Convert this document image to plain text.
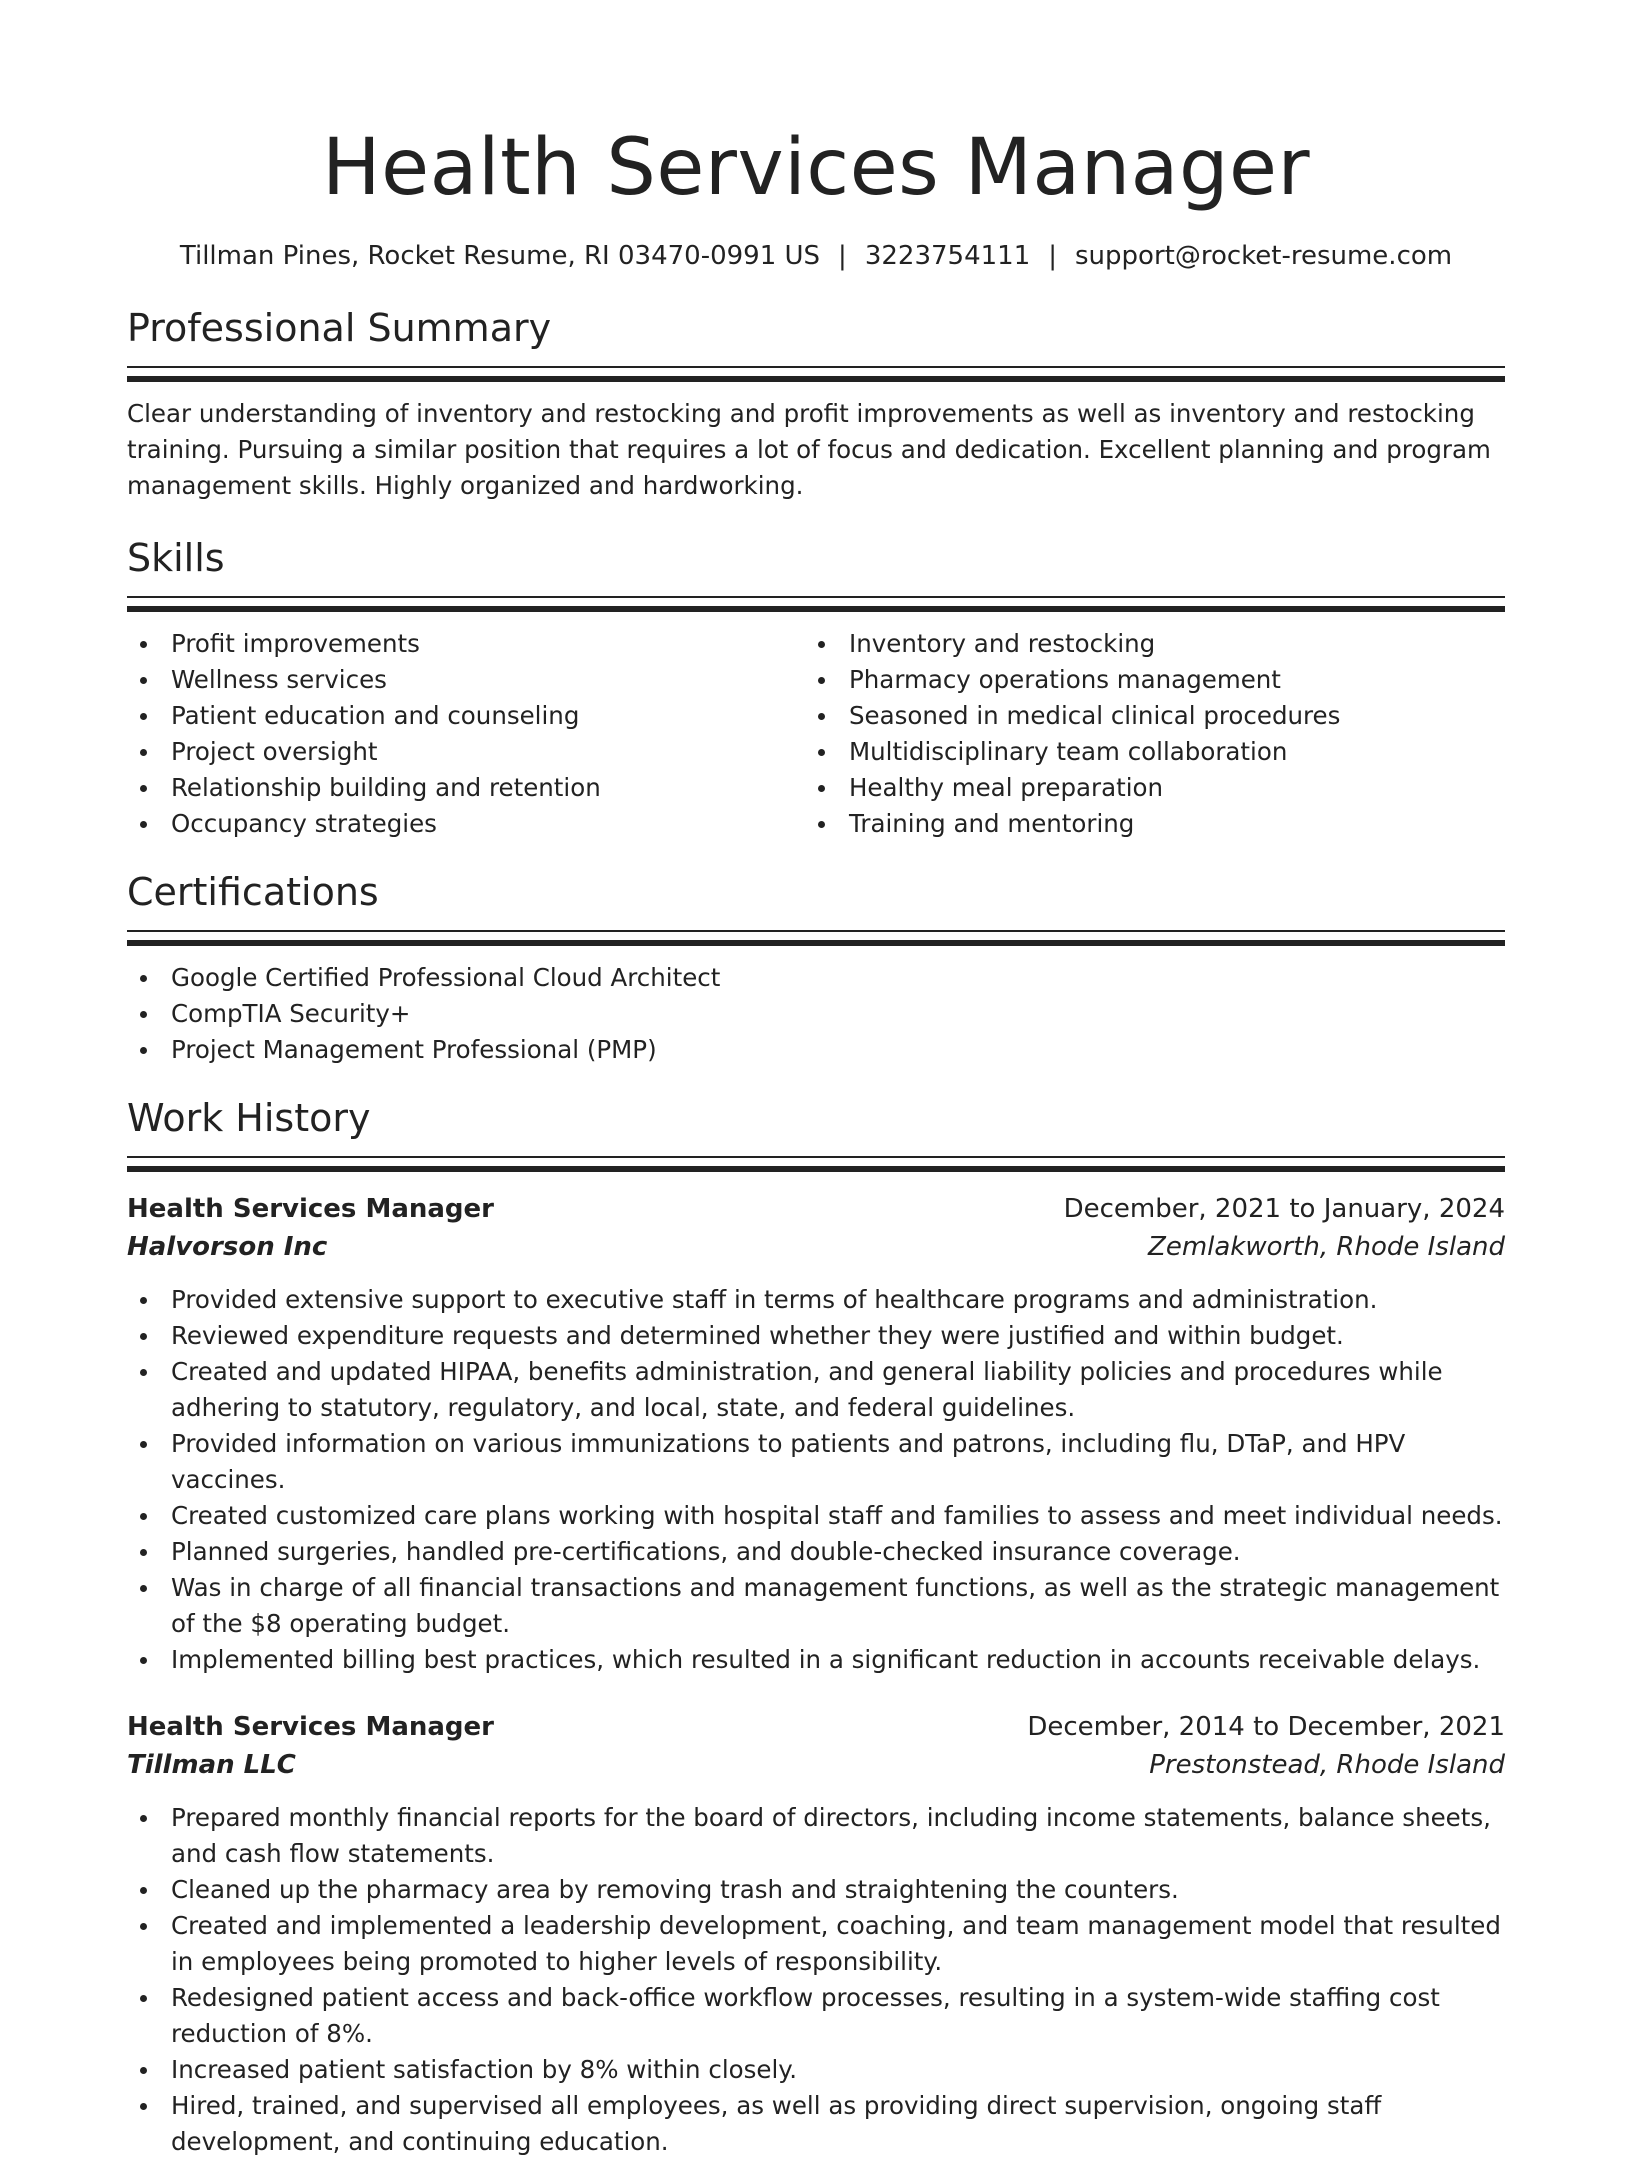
Health Services Manager
Tillman Pines, Rocket Resume, RI 03470-0991 US | 3223754111 | support@rocket-resume.com
Professional Summary
Clear understanding of inventory and restocking and profit improvements as well as inventory and restocking training. Pursuing a similar position that requires a lot of focus and dedication. Excellent planning and program management skills. Highly organized and hardworking.
Skills
Profit improvements
Wellness services
Patient education and counseling
Project oversight
Relationship building and retention
Occupancy strategies
Inventory and restocking
Pharmacy operations management
Seasoned in medical clinical procedures
Multidisciplinary team collaboration
Healthy meal preparation
Training and mentoring
Certifications
Google Certified Professional Cloud Architect
CompTIA Security+
Project Management Professional (PMP)
Work History
Health Services Manager	December, 2021 to January, 2024
Halvorson Inc	Zemlakworth, Rhode Island
Provided extensive support to executive staff in terms of healthcare programs and administration.
Reviewed expenditure requests and determined whether they were justified and within budget.
Created and updated HIPAA, benefits administration, and general liability policies and procedures while adhering to statutory, regulatory, and local, state, and federal guidelines.
Provided information on various immunizations to patients and patrons, including flu, DTaP, and HPV vaccines.
Created customized care plans working with hospital staff and families to assess and meet individual needs.
Planned surgeries, handled pre-certifications, and double-checked insurance coverage.
Was in charge of all financial transactions and management functions, as well as the strategic management of the $8 operating budget.
Implemented billing best practices, which resulted in a significant reduction in accounts receivable delays.
Health Services Manager	December, 2014 to December, 2021
Tillman LLC	Prestonstead, Rhode Island
Prepared monthly financial reports for the board of directors, including income statements, balance sheets, and cash flow statements.
Cleaned up the pharmacy area by removing trash and straightening the counters.
Created and implemented a leadership development, coaching, and team management model that resulted in employees being promoted to higher levels of responsibility.
Redesigned patient access and back-office workflow processes, resulting in a system-wide staffing cost reduction of 8%.
Increased patient satisfaction by 8% within closely.
Hired, trained, and supervised all employees, as well as providing direct supervision, ongoing staff development, and continuing education.
